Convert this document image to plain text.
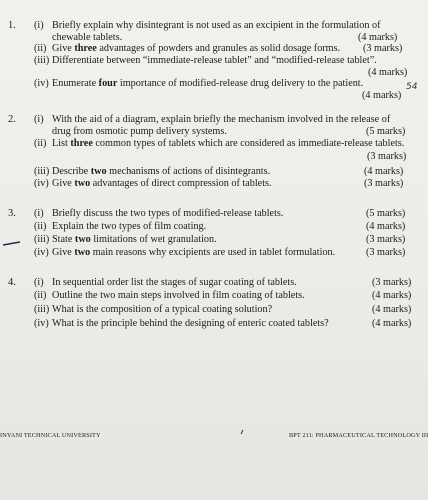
1. (i) Briefly explain why disintegrant is not used as an excipient in the formulation of
chewable tablets.	(4 marks)
(ii) Give three advantages of powders and granules as solid dosage forms. (3 marks)
(iii) Differentiate between “immediate-release tablet” and “modified-release tablet”.
(4 marks)
(iv) Enumerate four importance of modified-release drug delivery to the patient.
(4 marks)
54
2. (i) With the aid of a diagram, explain briefly the mechanism involved in the release of
drug from osmotic pump delivery systems.	(5 marks)
(ii) List three common types of tablets which are considered as immediate-release tablets.
(3 marks)
(iii) Describe two mechanisms of actions of disintegrants.	(4 marks)
(iv) Give two advantages of direct compression of tablets.	(3 marks)
3. (i) Briefly discuss the two types of modified-release tablets.	(5 marks)
(ii) Explain the two types of film coating.	(4 marks)
(iii) State two limitations of wet granulation.	(3 marks)
(iv) Give two main reasons why excipients are used in tablet formulation.	(3 marks)
4. (i) In sequential order list the stages of sugar coating of tablets.	(3 marks)
(ii) Outline the two main steps involved in film coating of tablets.	(4 marks)
(iii) What is the composition of a typical coating solution?	(4 marks)
(iv) What is the principle behind the designing of enteric coated tablets?	(4 marks)
INYANI TECHNICAL UNIVERSITY	BPT 211: PHARMACEUTICAL TECHNOLOGY III
